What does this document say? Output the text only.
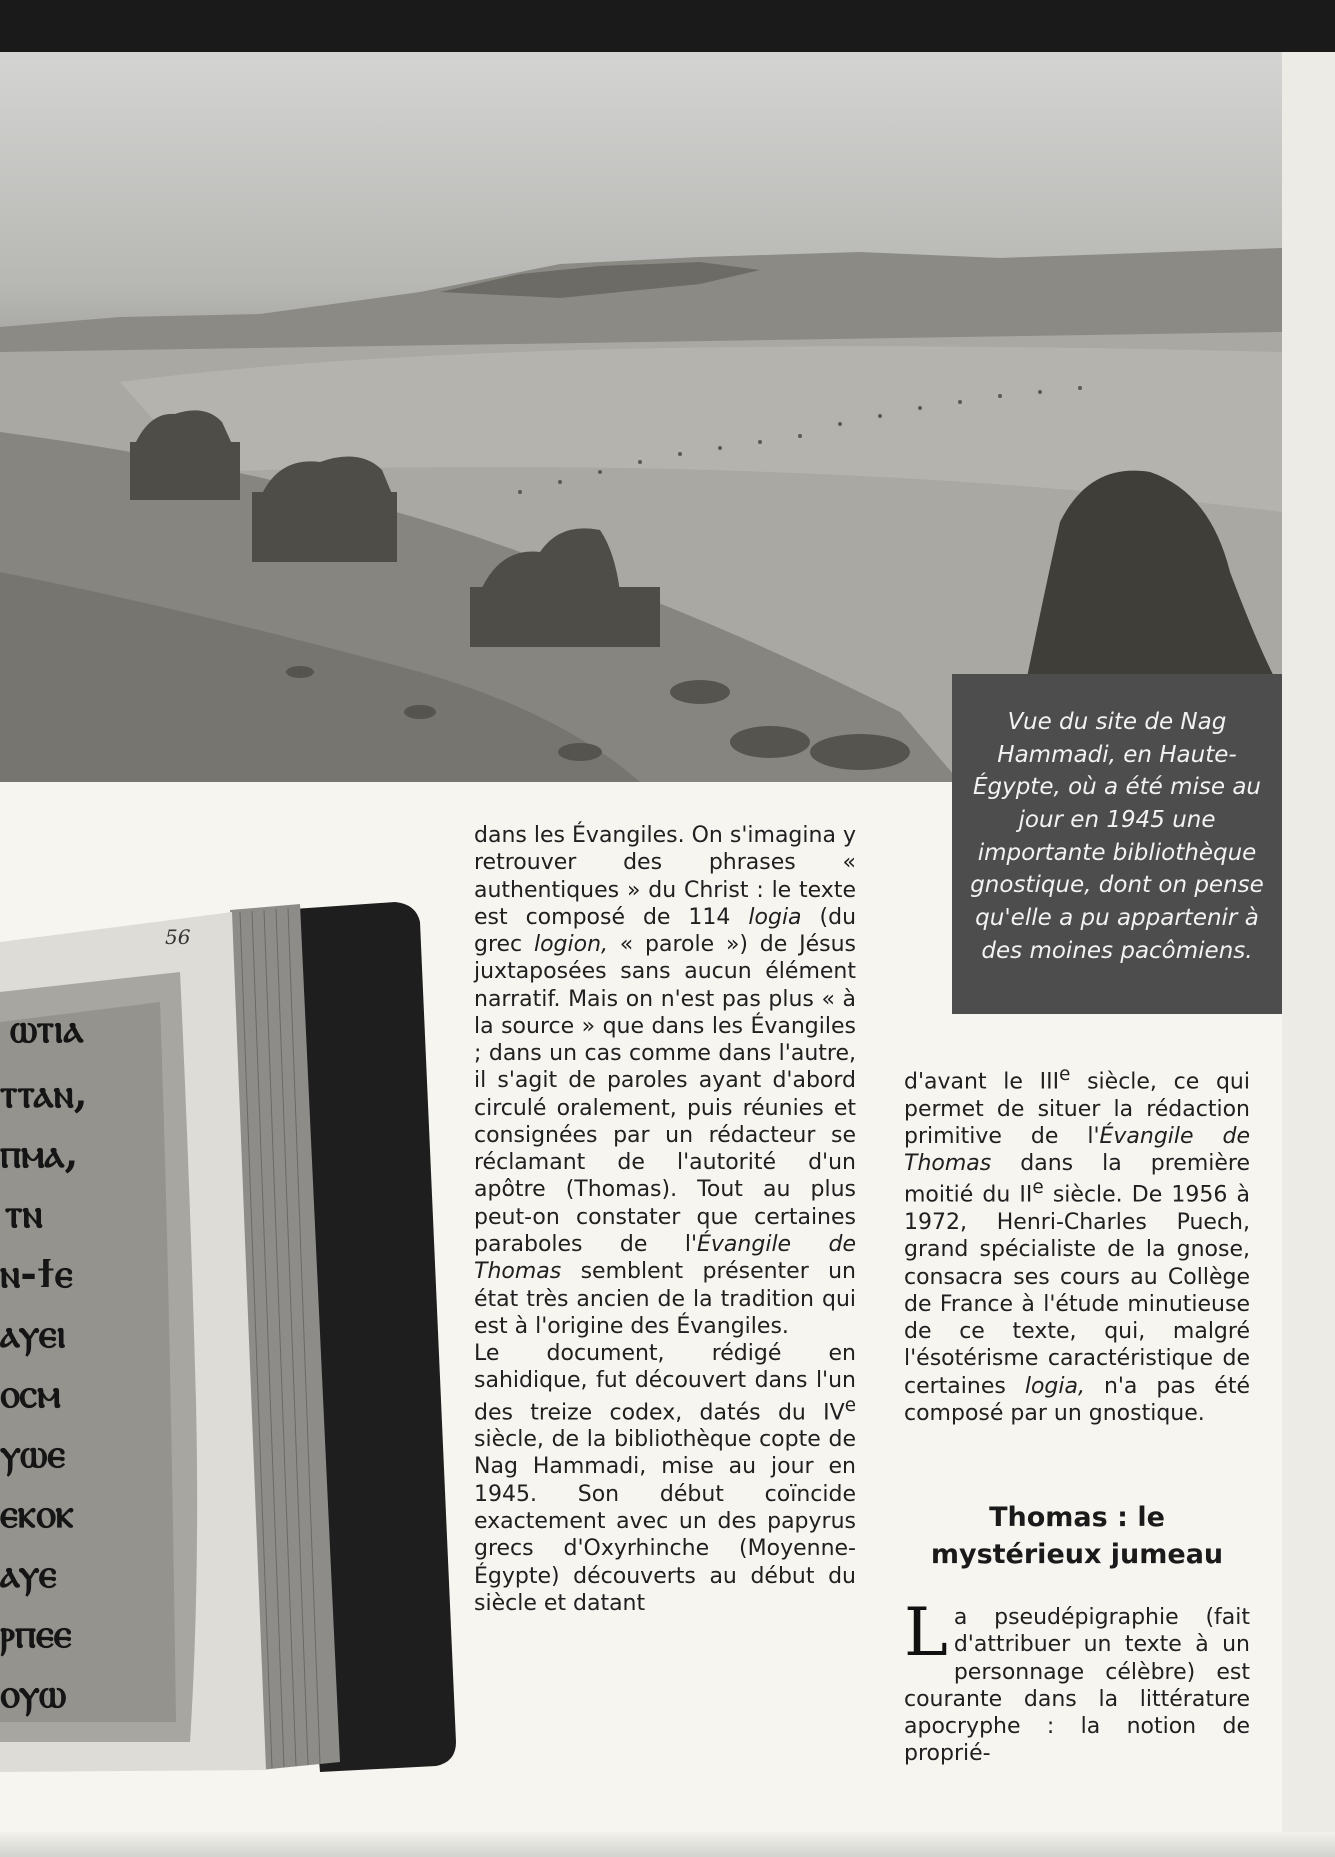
Vue du site de Nag Hammadi, en Haute-Égypte, où a été mise au jour en 1945 une importante bibliothèque gnostique, dont on pense qu'elle a pu appartenir à des moines pacômiens.
56
ⲱⲧⲓⲁ
ⲧⲧⲁⲛ,
ⲡⲙⲁ,
ⲧⲛ
ⲛ-ϯⲉ
ⲁⲩⲉⲓ
ⲟⲥⲙ
ⲩⲱⲉ
ⲉⲕⲟⲕ
ⲁⲩⲉ
ⲣⲡⲉⲉ
ⲟⲩⲱ

dans les Évangiles. On s'imagina y retrouver des phrases « authentiques » du Christ : le texte est composé de 114 logia (du grec logion, « parole ») de Jésus juxtaposées sans aucun élément narratif. Mais on n'est pas plus « à la source » que dans les Évangiles ; dans un cas comme dans l'autre, il s'agit de paroles ayant d'abord circulé oralement, puis réunies et consignées par un rédacteur se réclamant de l'autorité d'un apôtre (Thomas). Tout au plus peut-on constater que certaines paraboles de l'Évangile de Thomas semblent présenter un état très ancien de la tradition qui est à l'origine des Évangiles.

Le document, rédigé en sahidique, fut découvert dans l'un des treize codex, datés du IVe siècle, de la bibliothèque copte de Nag Hammadi, mise au jour en 1945. Son début coïncide exactement avec un des papyrus grecs d'Oxyrhinche (Moyenne-Égypte) découverts au début du siècle et datant

d'avant le IIIe siècle, ce qui permet de situer la rédaction primitive de l'Évangile de Thomas dans la première moitié du IIe siècle. De 1956 à 1972, Henri-Charles Puech, grand spécialiste de la gnose, consacra ses cours au Collège de France à l'étude minutieuse de ce texte, qui, malgré l'ésotérisme caractéristique de certaines logia, n'a pas été composé par un gnostique.

Thomas : le
mystérieux jumeau
La pseudépigraphie (fait d'attribuer un texte à un personnage célèbre) est courante dans la littérature apocryphe : la notion de proprié-
